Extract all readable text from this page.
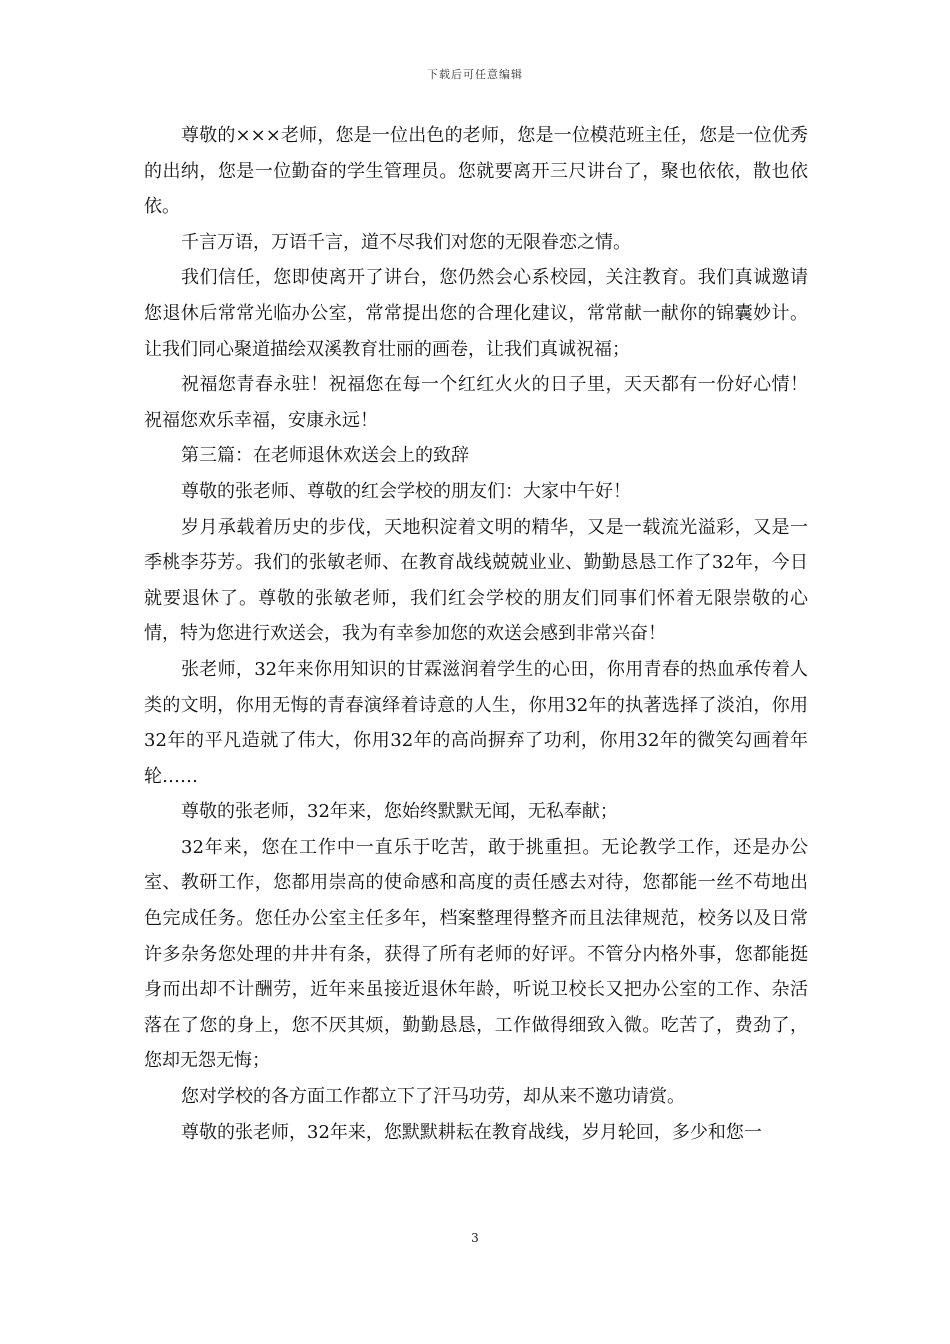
下载后可任意编辑

尊敬的×××老师，您是一位出色的老师，您是一位模范班主任，您是一位优秀的出纳，您是一位勤奋的学生管理员。您就要离开三尺讲台了，聚也依依，散也依依。

千言万语，万语千言，道不尽我们对您的无限眷恋之情。

我们信任，您即使离开了讲台，您仍然会心系校园，关注教育。我们真诚邀请您退休后常常光临办公室，常常提出您的合理化建议，常常献一献你的锦囊妙计。让我们同心聚道描绘双溪教育壮丽的画卷，让我们真诚祝福；

祝福您青春永驻！祝福您在每一个红红火火的日子里，天天都有一份好心情！祝福您欢乐幸福，安康永远！

第三篇：在老师退休欢送会上的致辞

尊敬的张老师、尊敬的红会学校的朋友们：大家中午好！

岁月承载着历史的步伐，天地积淀着文明的精华，又是一载流光溢彩，又是一季桃李芬芳。我们的张敏老师、在教育战线兢兢业业、勤勤恳恳工作了32年，今日就要退休了。尊敬的张敏老师，我们红会学校的朋友们同事们怀着无限崇敬的心情，特为您进行欢送会，我为有幸参加您的欢送会感到非常兴奋！

张老师，32年来你用知识的甘霖滋润着学生的心田，你用青春的热血承传着人类的文明，你用无悔的青春演绎着诗意的人生，你用32年的执著选择了淡泊，你用32年的平凡造就了伟大，你用32年的高尚摒弃了功利，你用32年的微笑勾画着年轮……

尊敬的张老师，32年来，您始终默默无闻，无私奉献；

32年来，您在工作中一直乐于吃苦，敢于挑重担。无论教学工作，还是办公室、教研工作，您都用崇高的使命感和高度的责任感去对待，您都能一丝不苟地出色完成任务。您任办公室主任多年，档案整理得整齐而且法律规范，校务以及日常许多杂务您处理的井井有条，获得了所有老师的好评。不管分内格外事，您都能挺身而出却不计酬劳，近年来虽接近退休年龄，听说卫校长又把办公室的工作、杂活落在了您的身上，您不厌其烦，勤勤恳恳，工作做得细致入微。吃苦了，费劲了，您却无怨无悔；

您对学校的各方面工作都立下了汗马功劳，却从来不邀功请赏。

尊敬的张老师，32年来，您默默耕耘在教育战线，岁月轮回，多少和您一

3
